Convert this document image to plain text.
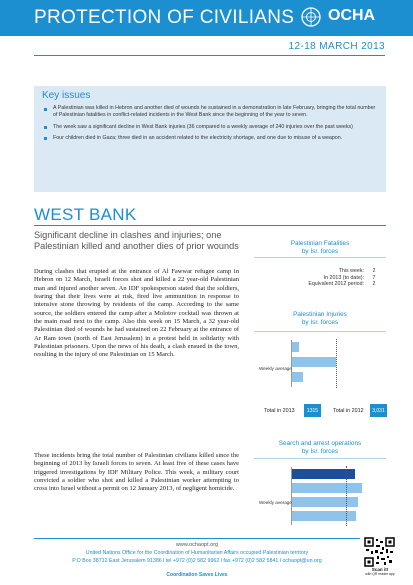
PROTECTION OF CIVILIANS OCHA
12-18 MARCH 2013
Key issues
A Palestinian was killed in Hebron and another died of wounds he sustained in a demonstration in late February, bringing the total number of Palestinian fatalities in conflict-related incidents in the West Bank since the beginning of the year to seven.
The week saw a significant decline in West Bank injuries (36 compared to a weekly average of 240 injuries over the past weeks)
Four children died in Gaza; three died in an accident related to the electricity shortage, and one due to misuse of a weapon.
WEST BANK
Significant decline in clashes and injuries; one Palestinian killed and another dies of prior wounds
During clashes that erupted at the entrance of Al Fawwar refugee camp in Hebron on 12 March, Israeli forces shot and killed a 22 year-old Palestinian man and injured another seven. An IDF spokesperson stated that the soldiers, fearing that their lives were at risk, fired live ammunition in response to intensive stone throwing by residents of the camp. According to the same source, the soldiers entered the camp after a Molotov cocktail was thrown at the main road next to the camp. Also this week on 15 March, a 32 year-old Palestinian died of wounds he had sustained on 22 February at the entrance of Ar Ram town (north of East Jerusalem) in a protest held in solidarity with Palestinian prisoners. Upon the news of his death, a clash ensued in the town, resulting in the injury of one Palestinian on 15 March.
These incidents bring the total number of Palestinian civilians killed since the beginning of 2013 by Israeli forces to seven. At least five of these cases have triggered investigations by IDF Military Police. This week, a military court convicted a soldier who shot and killed a Palestinian worker attempting to cross into Israel without a permit on 12 January 2013, of negligent homicide.
Palestinian Fatalities
by Isr. forces
This week:	2
In 2013 (to date):	7
Equivalent 2012 period:	2
Palestinian Injuries
by Isr. forces
Weekly average
Total in 2013	1315	Total in 2012	3,031
Search and arrest operations
by Isr. forces
Weekly average
www.ochaopt.org
United Nations Office for the Coordination of Humanitarian Affairs occupied Palestinian territory
P.O Box 38712 East Jerusalem 91386 l tel +972 (0)2 582 9962 l fax +972 (0)2 582 5841 l ochaopt@un.org
Coordination Saves Lives
Scan it!
with QR reader app
